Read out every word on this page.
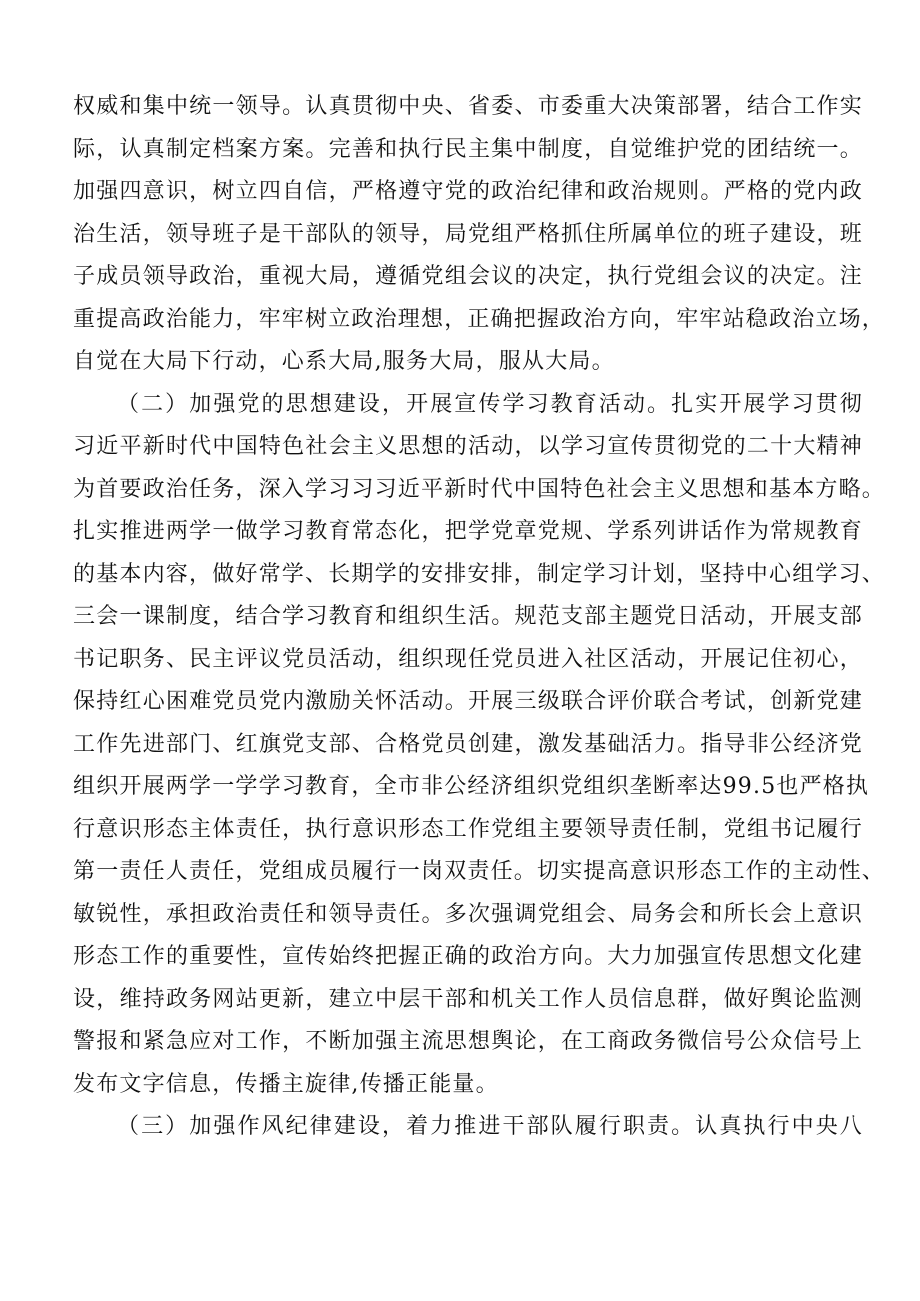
权威和集中统一领导。认真贯彻中央、省委、市委重大决策部署，结合工作实
际，认真制定档案方案。完善和执行民主集中制度，自觉维护党的团结统一。
加强四意识，树立四自信，严格遵守党的政治纪律和政治规则。严格的党内政
治生活，领导班子是干部队的领导，局党组严格抓住所属单位的班子建设，班
子成员领导政治，重视大局，遵循党组会议的决定，执行党组会议的决定。注
重提高政治能力，牢牢树立政治理想，正确把握政治方向，牢牢站稳政治立场，
自觉在大局下行动，心系大局,服务大局，服从大局。
（二）加强党的思想建设，开展宣传学习教育活动。扎实开展学习贯彻
习近平新时代中国特色社会主义思想的活动，以学习宣传贯彻党的二十大精神
为首要政治任务，深入学习习习近平新时代中国特色社会主义思想和基本方略。
扎实推进两学一做学习教育常态化，把学党章党规、学系列讲话作为常规教育
的基本内容，做好常学、长期学的安排安排，制定学习计划，坚持中心组学习、
三会一课制度，结合学习教育和组织生活。规范支部主题党日活动，开展支部
书记职务、民主评议党员活动，组织现任党员进入社区活动，开展记住初心，
保持红心困难党员党内激励关怀活动。开展三级联合评价联合考试，创新党建
工作先进部门、红旗党支部、合格党员创建，激发基础活力。指导非公经济党
组织开展两学一学学习教育，全市非公经济组织党组织垄断率达99.5也严格执
行意识形态主体责任，执行意识形态工作党组主要领导责任制，党组书记履行
第一责任人责任，党组成员履行一岗双责任。切实提高意识形态工作的主动性、
敏锐性，承担政治责任和领导责任。多次强调党组会、局务会和所长会上意识
形态工作的重要性，宣传始终把握正确的政治方向。大力加强宣传思想文化建
设，维持政务网站更新，建立中层干部和机关工作人员信息群，做好舆论监测
警报和紧急应对工作，不断加强主流思想舆论，在工商政务微信号公众信号上
发布文字信息，传播主旋律,传播正能量。
（三）加强作风纪律建设，着力推进干部队履行职责。认真执行中央八
